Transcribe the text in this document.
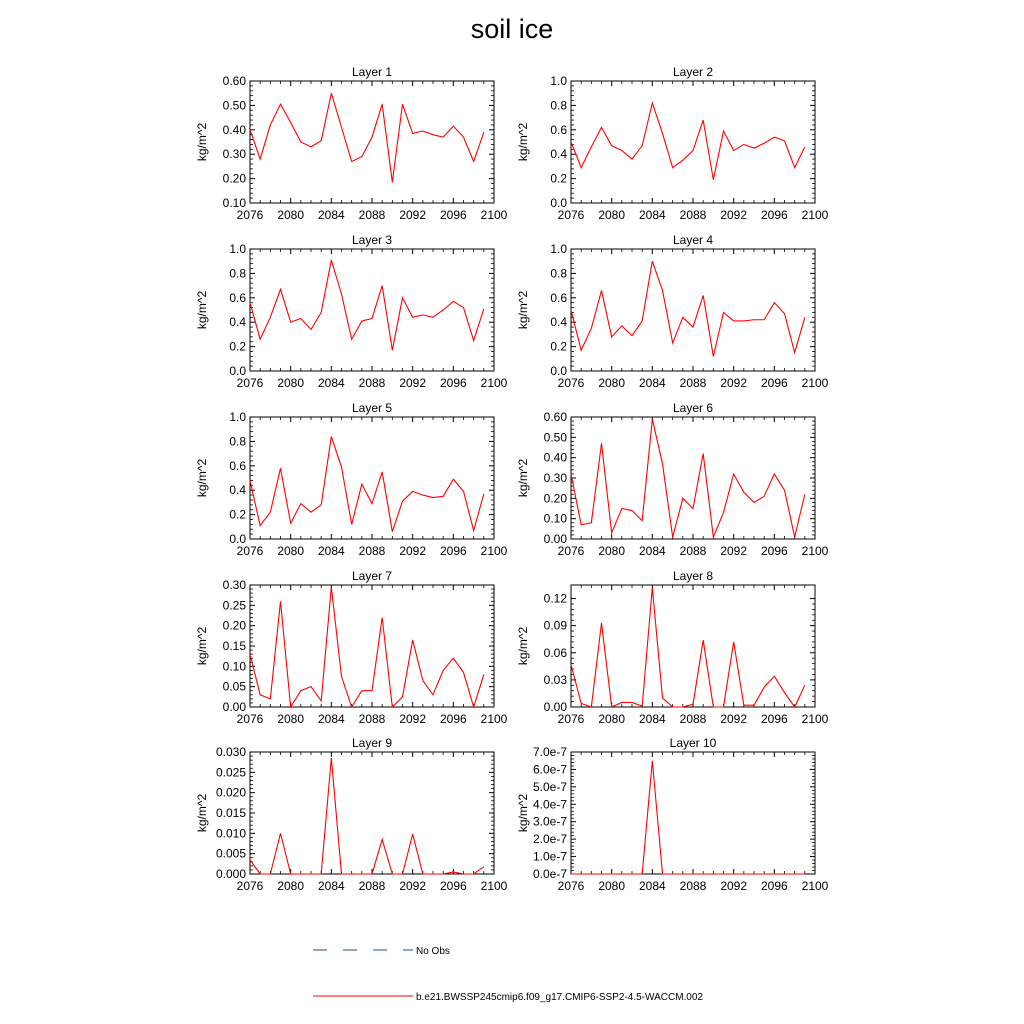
soil ice
Layer 1
2076 2080 2084 2088 2092 2096 2100
0.10
0.20
0.30
0.40
0.50
0.60
kg/m^2
Layer 2
2076 2080 2084 2088 2092 2096 2100
0.0
0.2
0.4
0.6
0.8
1.0
kg/m^2
Layer 3
2076 2080 2084 2088 2092 2096 2100
0.0
0.2
0.4
0.6
0.8
1.0
kg/m^2
Layer 4
2076 2080 2084 2088 2092 2096 2100
0.0
0.2
0.4
0.6
0.8
1.0
kg/m^2
Layer 5
2076 2080 2084 2088 2092 2096 2100
0.0
0.2
0.4
0.6
0.8
1.0
kg/m^2
Layer 6
2076 2080 2084 2088 2092 2096 2100
0.00
0.10
0.20
0.30
0.40
0.50
0.60
kg/m^2
Layer 7
2076 2080 2084 2088 2092 2096 2100
0.00
0.05
0.10
0.15
0.20
0.25
0.30
kg/m^2
Layer 8
2076 2080 2084 2088 2092 2096 2100
0.00
0.03
0.06
0.09
0.12
kg/m^2
Layer 9
2076 2080 2084 2088 2092 2096 2100
0.000
0.005
0.010
0.015
0.020
0.025
0.030
kg/m^2
Layer 10
2076 2080 2084 2088 2092 2096 2100
0.0e-7
1.0e-7
2.0e-7
3.0e-7
4.0e-7
5.0e-7
6.0e-7
7.0e-7
kg/m^2
No Obs
b.e21.BWSSP245cmip6.f09_g17.CMIP6-SSP2-4.5-WACCM.002
